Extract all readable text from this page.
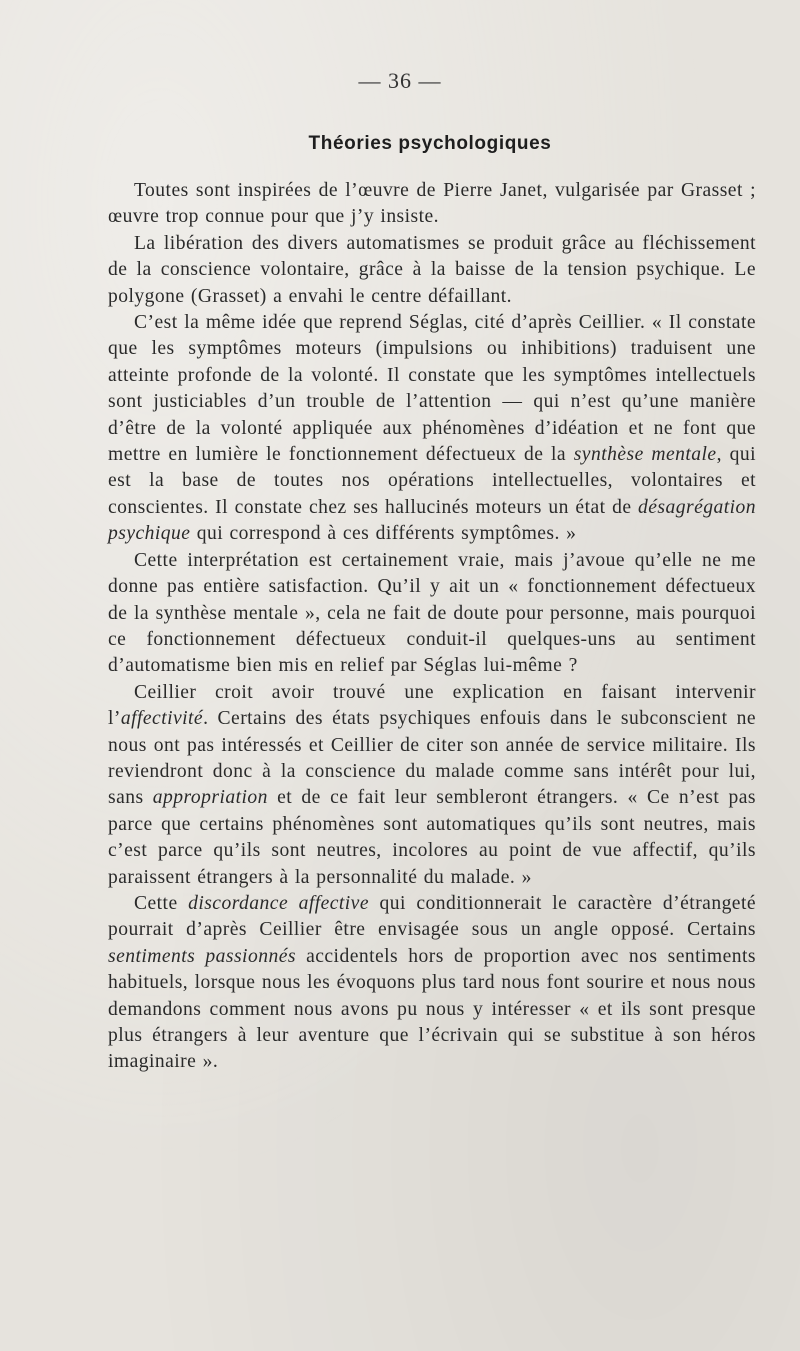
— 36 —
Théories psychologiques

Toutes sont inspirées de l’œuvre de Pierre Janet, vulgarisée par Grasset ; œuvre trop connue pour que j’y insiste.

La libération des divers automatismes se produit grâce au fléchissement de la conscience volontaire, grâce à la baisse de la tension psychique. Le polygone (Grasset) a envahi le centre défaillant.

C’est la même idée que reprend Séglas, cité d’après Ceillier. « Il constate que les symptômes moteurs (impulsions ou inhibitions) traduisent une atteinte profonde de la volonté. Il constate que les symptômes intellectuels sont justiciables d’un trouble de l’attention — qui n’est qu’une manière d’être de la volonté appliquée aux phénomènes d’idéation et ne font que mettre en lumière le fonctionnement défectueux de la synthèse mentale, qui est la base de toutes nos opérations intellectuelles, volontaires et conscientes. Il constate chez ses hallucinés moteurs un état de désagrégation psychique qui correspond à ces différents symptômes. »

Cette interprétation est certainement vraie, mais j’avoue qu’elle ne me donne pas entière satisfaction. Qu’il y ait un « fonctionnement défectueux de la synthèse mentale », cela ne fait de doute pour personne, mais pourquoi ce fonctionnement défectueux conduit-il quelques-uns au sentiment d’automatisme bien mis en relief par Séglas lui-même ?

Ceillier croit avoir trouvé une explication en faisant intervenir l’affectivité. Certains des états psychiques enfouis dans le subconscient ne nous ont pas intéressés et Ceillier de citer son année de service militaire. Ils reviendront donc à la conscience du malade comme sans intérêt pour lui, sans appropriation et de ce fait leur sembleront étrangers. « Ce n’est pas parce que certains phénomènes sont automatiques qu’ils sont neutres, mais c’est parce qu’ils sont neutres, incolores au point de vue affectif, qu’ils paraissent étrangers à la personnalité du malade. »

Cette discordance affective qui conditionnerait le caractère d’étrangeté pourrait d’après Ceillier être envisagée sous un angle opposé. Certains sentiments passionnés accidentels hors de proportion avec nos sentiments habituels, lorsque nous les évoquons plus tard nous font sourire et nous nous demandons comment nous avons pu nous y intéresser « et ils sont presque plus étrangers à leur aventure que l’écrivain qui se substitue à son héros imaginaire ».
